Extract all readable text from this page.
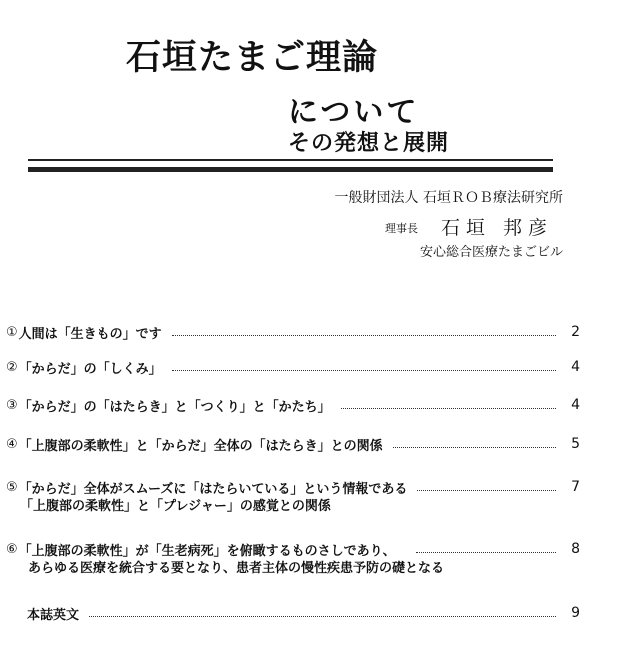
石垣たまご理論
について
その発想と展開
一般財団法人 石垣ＲＯＢ療法研究所
理事長 石垣 邦彦
安心総合医療たまごビル
① 人間は「生きもの」です	2
② 「からだ」の「しくみ」	4
③ 「からだ」の「はたらき」と「つくり」と「かたち」	4
④ 「上腹部の柔軟性」と「からだ」全体の「はたらき」との関係	5
⑤ 「からだ」全体がスムーズに「はたらいている」という情報である	7
「上腹部の柔軟性」と「プレジャー」の感覚との関係
⑥ 「上腹部の柔軟性」が「生老病死」を俯瞰するものさしであり、	8
あらゆる医療を統合する要となり、患者主体の慢性疾患予防の礎となる
本誌英文	9
